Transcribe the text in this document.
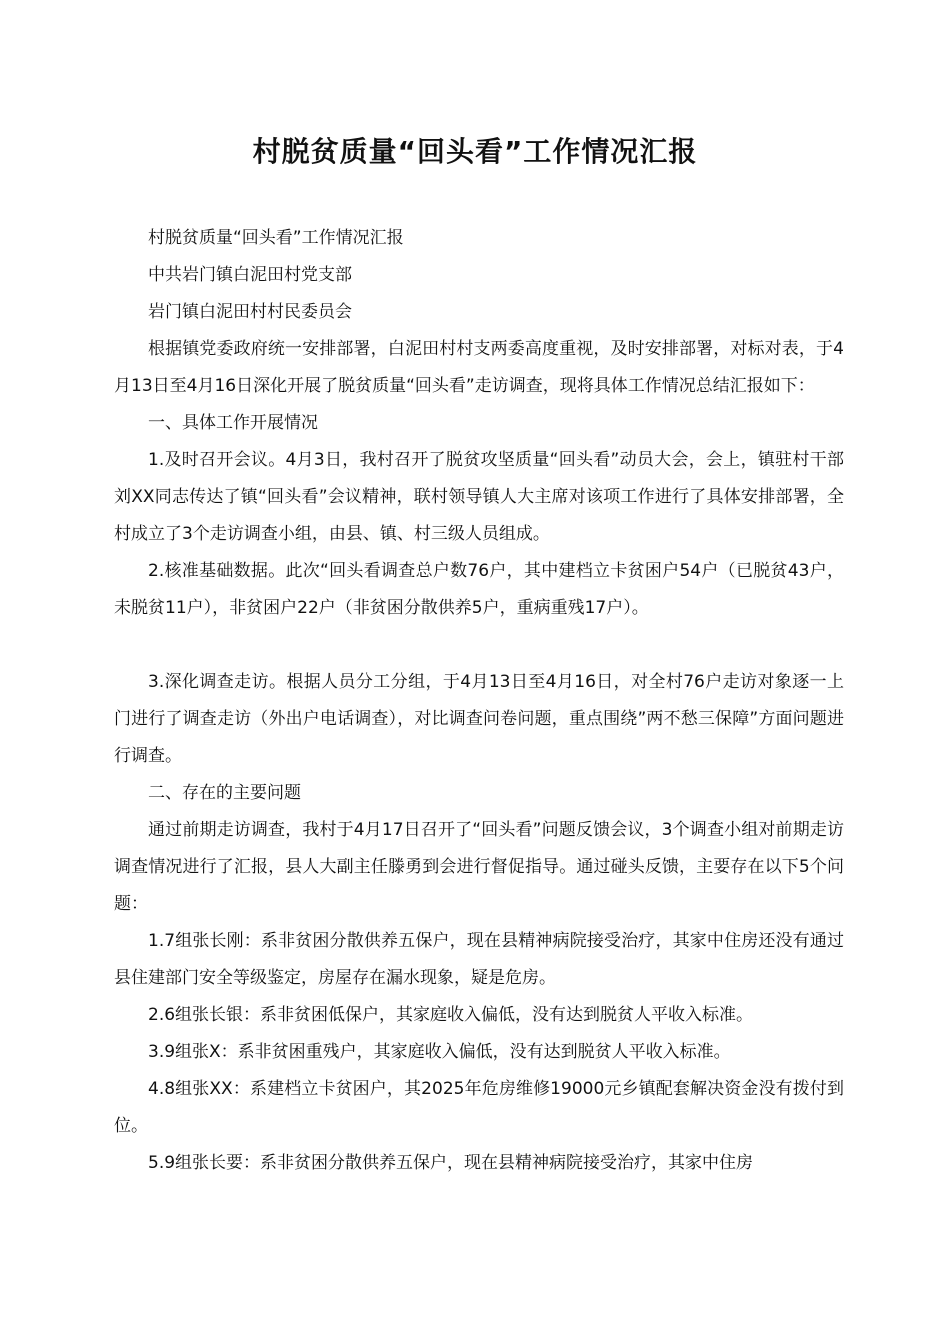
村脱贫质量“回头看”工作情况汇报

村脱贫质量“回头看”工作情况汇报

中共岩门镇白泥田村党支部

岩门镇白泥田村村民委员会

根据镇党委政府统一安排部署，白泥田村村支两委高度重视，及时安排部署，对标对表，于4月13日至4月16日深化开展了脱贫质量“回头看”走访调查，现将具体工作情况总结汇报如下：

一、具体工作开展情况

1.及时召开会议。4月3日，我村召开了脱贫攻坚质量“回头看”动员大会，会上，镇驻村干部刘XX同志传达了镇“回头看”会议精神，联村领导镇人大主席对该项工作进行了具体安排部署，全村成立了3个走访调查小组，由县、镇、村三级人员组成。

2.核准基础数据。此次“回头看调查总户数76户，其中建档立卡贫困户54户（已脱贫43户，未脱贫11户），非贫困户22户（非贫困分散供养5户，重病重残17户）。

3.深化调查走访。根据人员分工分组，于4月13日至4月16日，对全村76户走访对象逐一上门进行了调查走访（外出户电话调查），对比调查问卷问题，重点围绕”两不愁三保障”方面问题进行调查。

二、存在的主要问题

通过前期走访调查，我村于4月17日召开了“回头看”问题反馈会议，3个调查小组对前期走访调查情况进行了汇报，县人大副主任滕勇到会进行督促指导。通过碰头反馈，主要存在以下5个问题：

1.7组张长刚：系非贫困分散供养五保户，现在县精神病院接受治疗，其家中住房还没有通过县住建部门安全等级鉴定，房屋存在漏水现象，疑是危房。

2.6组张长银：系非贫困低保户，其家庭收入偏低，没有达到脱贫人平收入标准。

3.9组张X：系非贫困重残户，其家庭收入偏低，没有达到脱贫人平收入标准。

4.8组张XX：系建档立卡贫困户，其2025年危房维修19000元乡镇配套解决资金没有拨付到位。

5.9组张长要：系非贫困分散供养五保户，现在县精神病院接受治疗，其家中住房
